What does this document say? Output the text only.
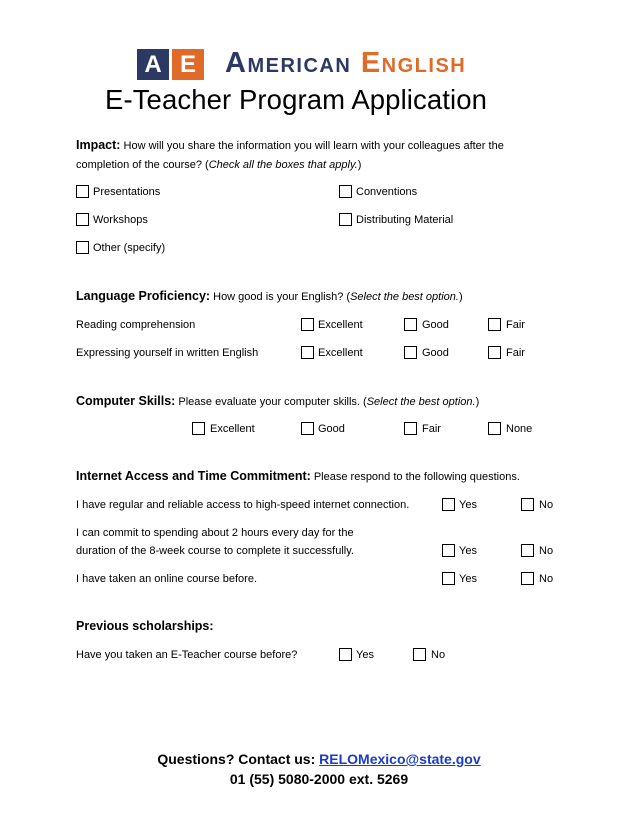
A E American English
E-Teacher Program Application
Impact: How will you share the information you will learn with your colleagues after the
completion of the course? (Check all the boxes that apply.)
Presentations	Conventions
Workshops	Distributing Material
Other (specify)
Language Proficiency: How good is your English? (Select the best option.)
Reading comprehension	Excellent	Good	Fair
Expressing yourself in written English	Excellent	Good	Fair
Computer Skills: Please evaluate your computer skills. (Select the best option.)
Excellent	Good	Fair	None
Internet Access and Time Commitment: Please respond to the following questions.
I have regular and reliable access to high-speed internet connection.	Yes	No
I can commit to spending about 2 hours every day for the
duration of the 8-week course to complete it successfully.	Yes	No
I have taken an online course before.	Yes	No
Previous scholarships:
Have you taken an E-Teacher course before?	Yes	No
Questions? Contact us: RELOMexico@state.gov
01 (55) 5080-2000 ext. 5269
